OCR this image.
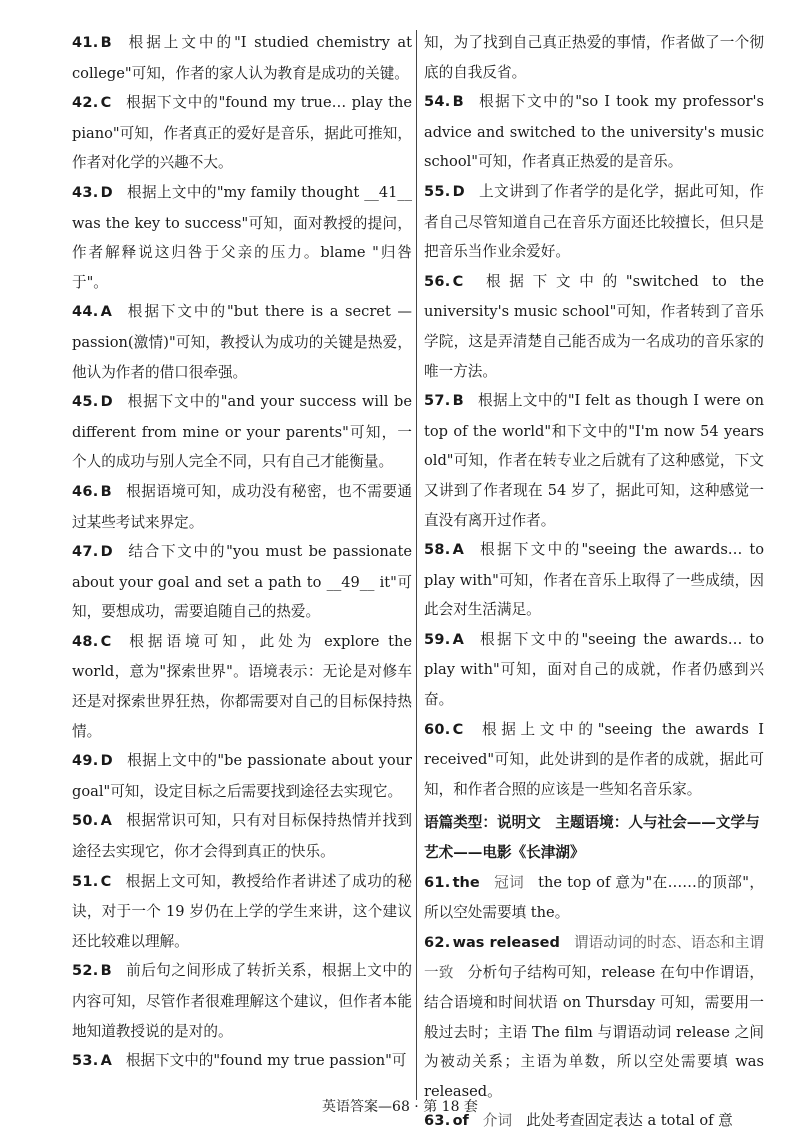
41. B 根据上文中的"I studied chemistry at college"可知，作者的家人认为教育是成功的关键。
42. C 根据下文中的"found my true… play the piano"可知，作者真正的爱好是音乐，据此可推知，作者对化学的兴趣不大。
43. D 根据上文中的"my family thought __41__ was the key to success"可知，面对教授的提问，作者解释说这归咎于父亲的压力。blame "归咎于"。
44. A 根据下文中的"but there is a secret — passion(激情)"可知，教授认为成功的关键是热爱，他认为作者的借口很牵强。
45. D 根据下文中的"and your success will be different from mine or your parents"可知，一个人的成功与别人完全不同，只有自己才能衡量。
46. B 根据语境可知，成功没有秘密，也不需要通过某些考试来界定。
47. D 结合下文中的"you must be passionate about your goal and set a path to __49__ it"可知，要想成功，需要追随自己的热爱。
48. C 根据语境可知，此处为 explore the world，意为"探索世界"。语境表示：无论是对修车还是对探索世界狂热，你都需要对自己的目标保持热情。
49. D 根据上文中的"be passionate about your goal"可知，设定目标之后需要找到途径去实现它。
50. A 根据常识可知，只有对目标保持热情并找到途径去实现它，你才会得到真正的快乐。
51. C 根据上文可知，教授给作者讲述了成功的秘诀，对于一个 19 岁仍在上学的学生来讲，这个建议还比较难以理解。
52. B 前后句之间形成了转折关系，根据上文中的内容可知，尽管作者很难理解这个建议，但作者本能地知道教授说的是对的。
53. A 根据下文中的"found my true passion"可
知，为了找到自己真正热爱的事情，作者做了一个彻底的自我反省。
54. B 根据下文中的"so I took my professor's advice and switched to the university's music school"可知，作者真正热爱的是音乐。
55. D 上文讲到了作者学的是化学，据此可知，作者自己尽管知道自己在音乐方面还比较擅长，但只是把音乐当作业余爱好。
56. C 根据下文中的"switched to the university's music school"可知，作者转到了音乐学院，这是弄清楚自己能否成为一名成功的音乐家的唯一方法。
57. B 根据上文中的"I felt as though I were on top of the world"和下文中的"I'm now 54 years old"可知，作者在转专业之后就有了这种感觉，下文又讲到了作者现在 54 岁了，据此可知，这种感觉一直没有离开过作者。
58. A 根据下文中的"seeing the awards… to play with"可知，作者在音乐上取得了一些成绩，因此会对生活满足。
59. A 根据下文中的"seeing the awards… to play with"可知，面对自己的成就，作者仍感到兴奋。
60. C 根据上文中的"seeing the awards I received"可知，此处讲到的是作者的成就，据此可知，和作者合照的应该是一些知名音乐家。
语篇类型：说明文　主题语境：人与社会——文学与艺术——电影《长津湖》
61. the 冠词 the top of 意为"在……的顶部"，所以空处需要填 the。
62. was released 谓语动词的时态、语态和主谓一致 分析句子结构可知，release 在句中作谓语，结合语境和时间状语 on Thursday 可知，需要用一般过去时；主语 The film 与谓语动词 release 之间为被动关系；主语为单数，所以空处需要填 was released。
63. of 介词 此处考查固定表达 a total of 意
英语答案—68 · 第 18 套
